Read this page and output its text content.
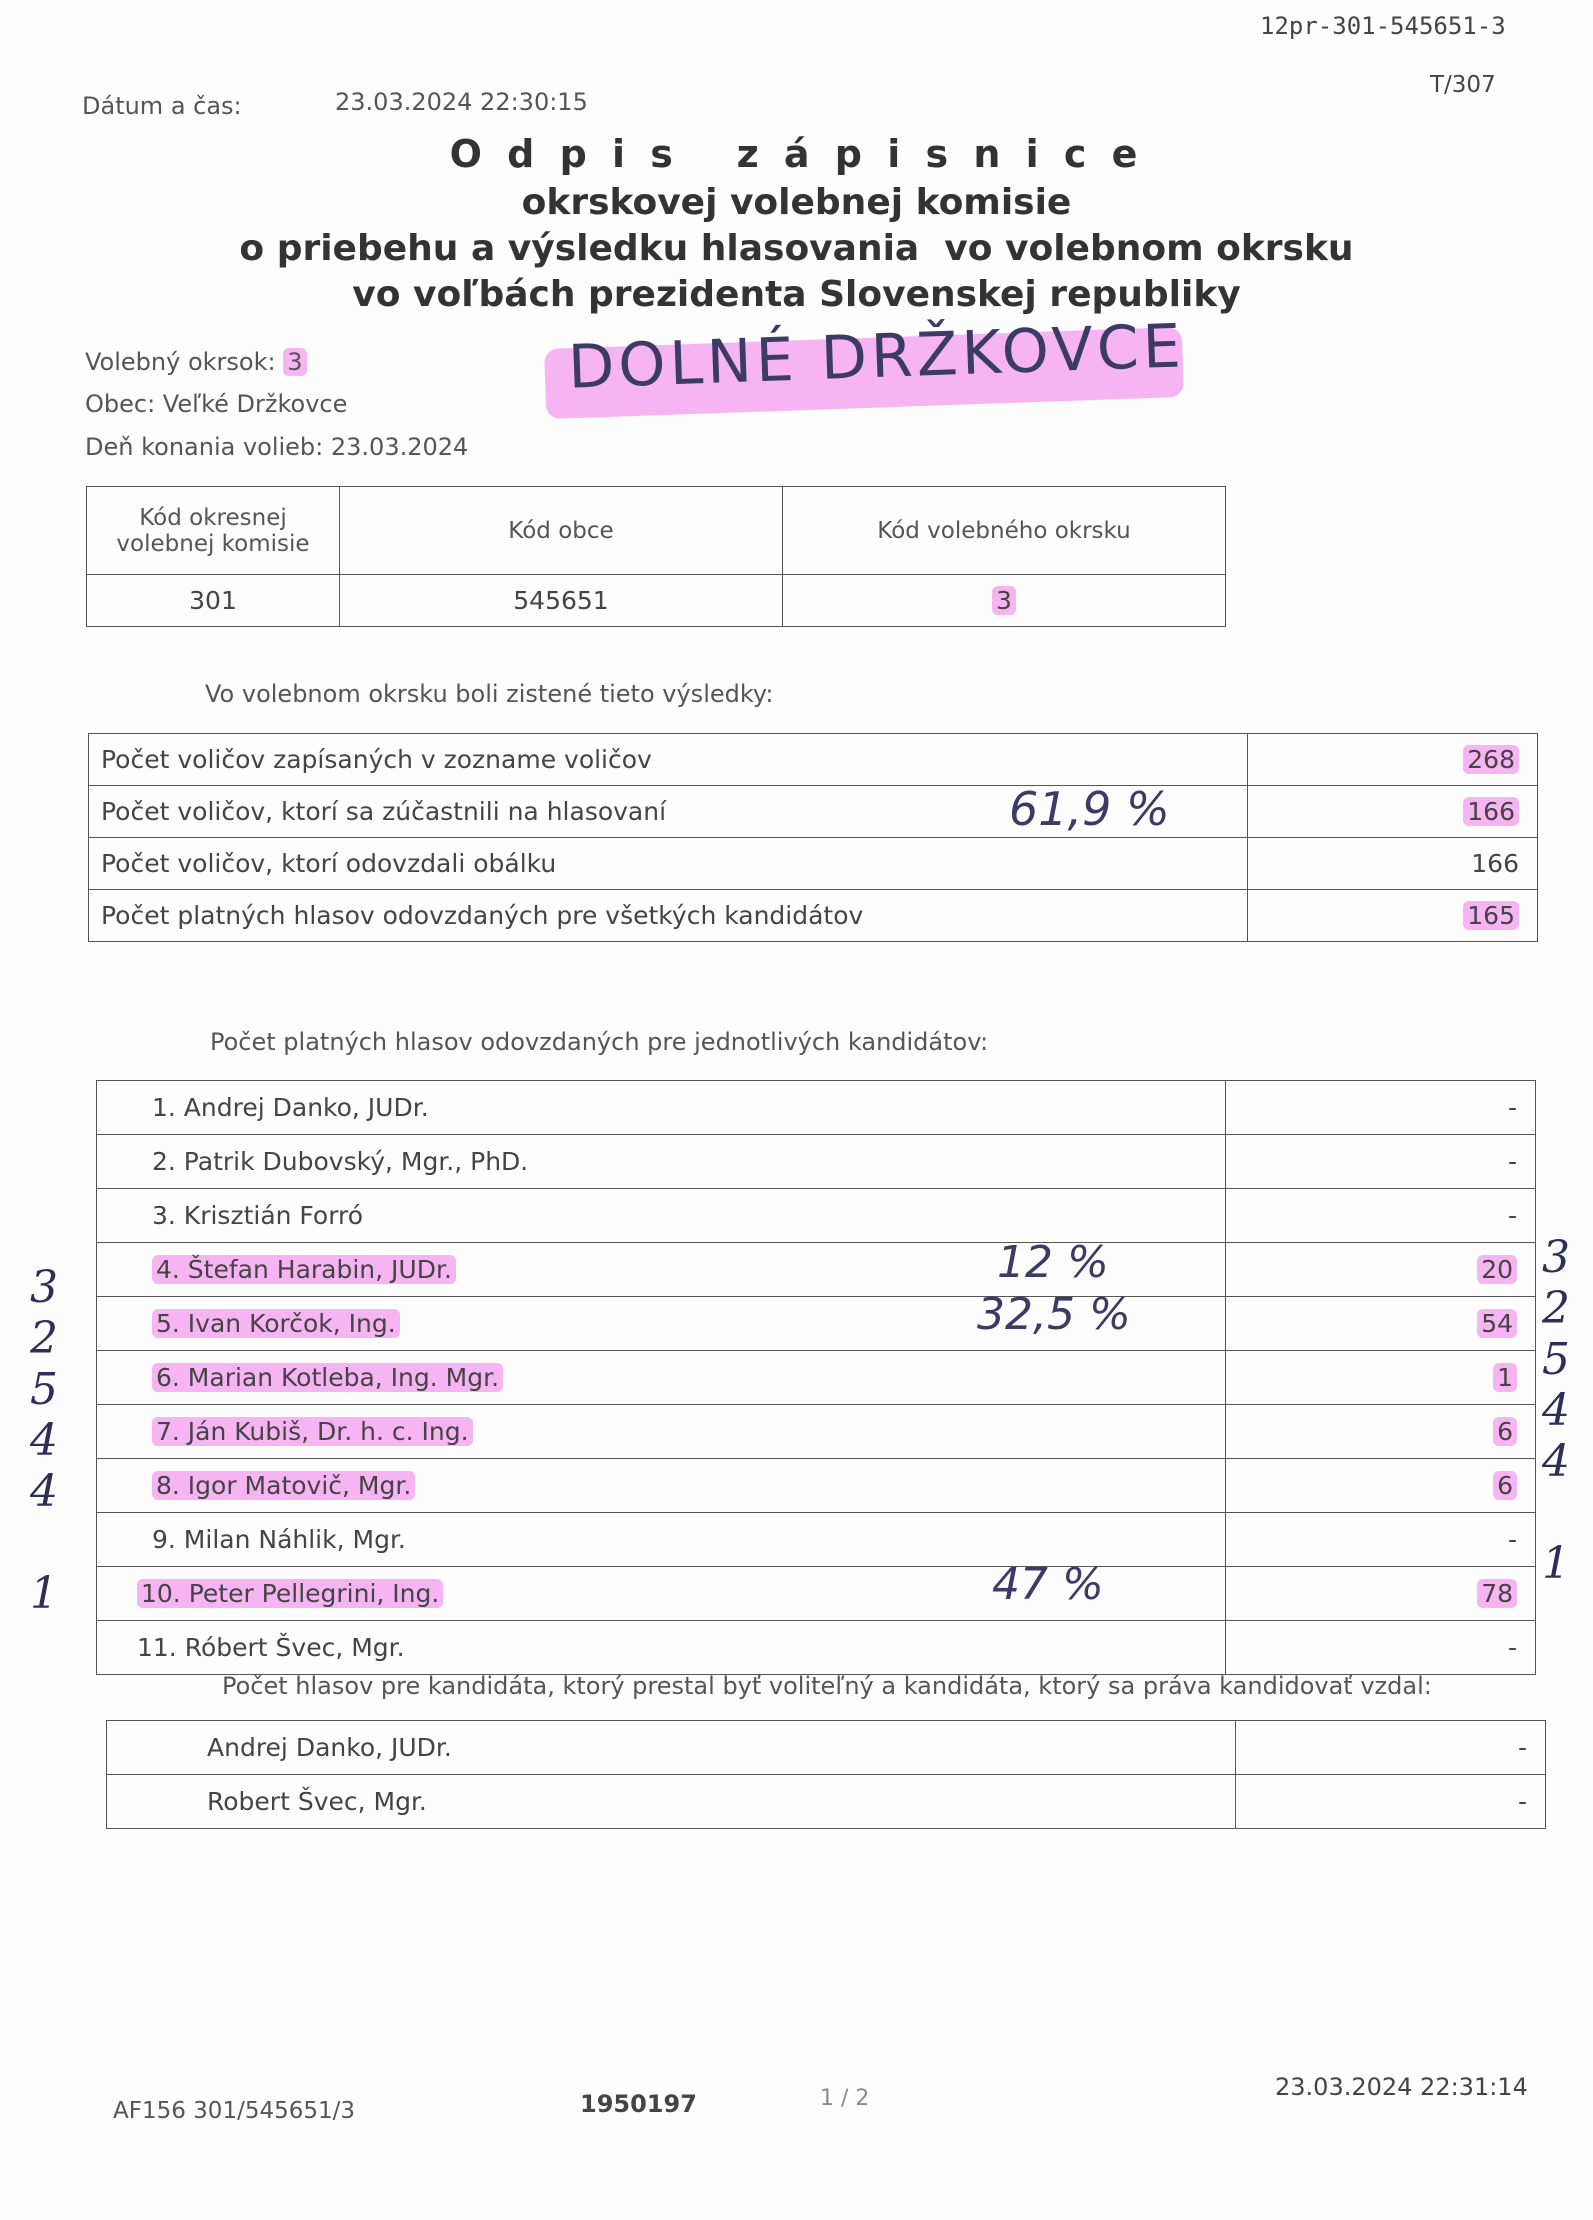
12pr-301-545651-3
T/307
Dátum a čas:	23.03.2024 22:30:15
O d p i s   z á p i s n i c e
okrskovej volebnej komisie
o priebehu a výsledku hlasovania  vo volebnom okrsku
vo voľbách prezidenta Slovenskej republiky
Volebný okrsok: 3
Obec: Veľké Držkovce
Deň konania volieb: 23.03.2024
DOLNÉ DRŽKOVCE
Kód okresnej volebnej komisie	Kód obce	Kód volebného okrsku
301	545651	3
Vo volebnom okrsku boli zistené tieto výsledky:
Počet voličov zapísaných v zozname voličov	268
Počet voličov, ktorí sa zúčastnili na hlasovaní 61,9 %	166
Počet voličov, ktorí odovzdali obálku	166
Počet platných hlasov odovzdaných pre všetkých kandidátov	165
Počet platných hlasov odovzdaných pre jednotlivých kandidátov:
1. Andrej Danko, JUDr.	-
2. Patrik Dubovský, Mgr., PhD.	-
3. Krisztián Forró	-
4. Štefan Harabin, JUDr. 12 %	20
5. Ivan Korčok, Ing. 32,5 %	54
6. Marian Kotleba, Ing. Mgr.	1
7. Ján Kubiš, Dr. h. c. Ing.	6
8. Igor Matovič, Mgr.	6
9. Milan Náhlik, Mgr.	-
10. Peter Pellegrini, Ing. 47 %	78
11. Róbert Švec, Mgr.	-
3
2
5
4
4
1
3
2
5
4
4
1
Počet hlasov pre kandidáta, ktorý prestal byť voliteľný a kandidáta, ktorý sa práva kandidovať vzdal:
Andrej Danko, JUDr.	-
Robert Švec, Mgr.	-
AF156 301/545651/3	1950197	1 / 2	23.03.2024 22:31:14
